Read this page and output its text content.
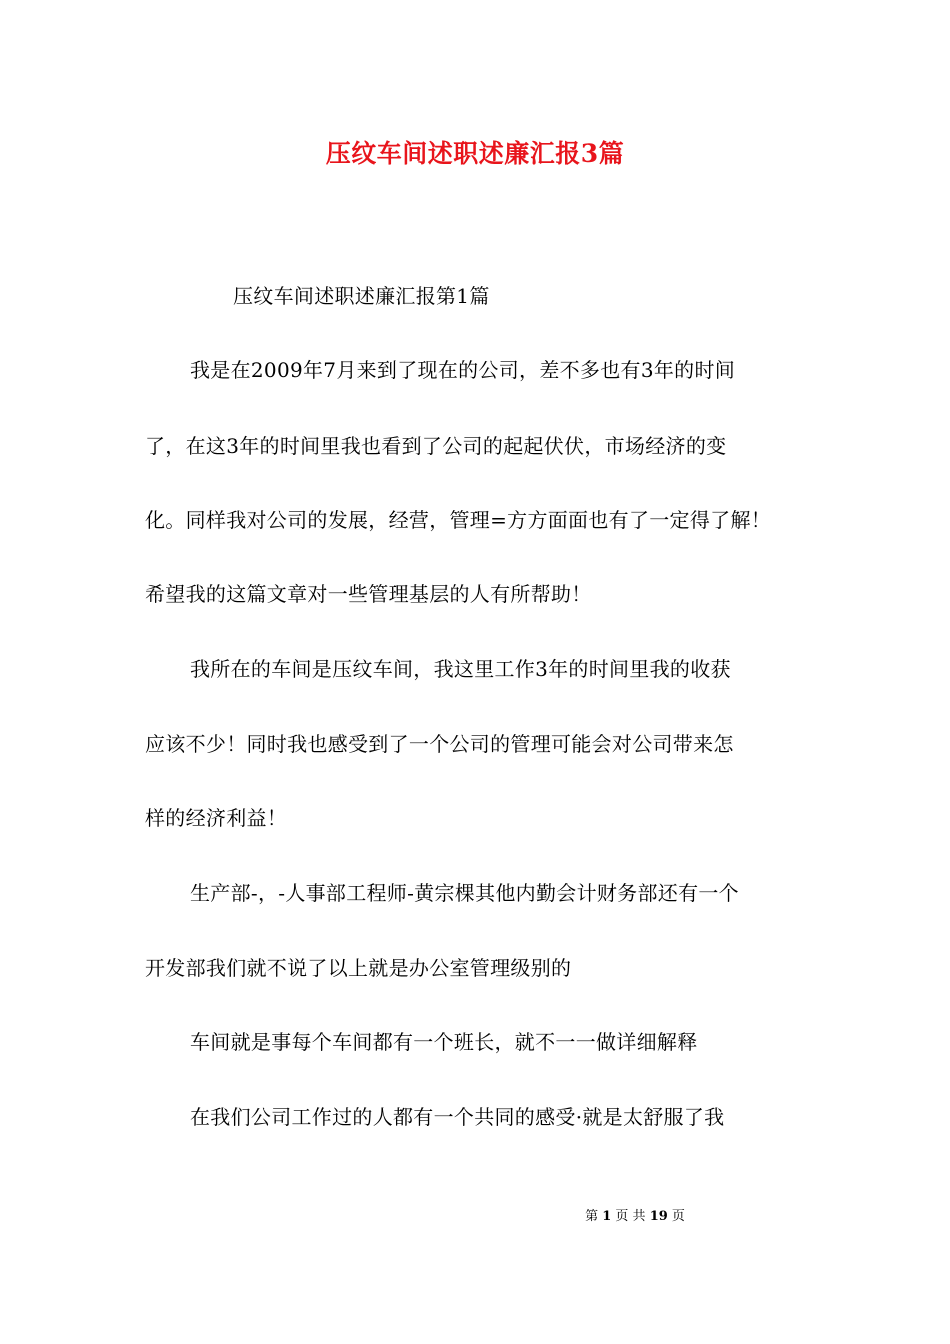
压纹车间述职述廉汇报3篇
压纹车间述职述廉汇报第1篇
我是在2009年7月来到了现在的公司，差不多也有3年的时间
了，在这3年的时间里我也看到了公司的起起伏伏，市场经济的变
化。同样我对公司的发展，经营，管理=方方面面也有了一定得了解！
希望我的这篇文章对一些管理基层的人有所帮助！
我所在的车间是压纹车间，我这里工作3年的时间里我的收获
应该不少！同时我也感受到了一个公司的管理可能会对公司带来怎
样的经济利益！
生产部-，-人事部工程师-黄宗棵其他内勤会计财务部还有一个
开发部我们就不说了以上就是办公室管理级别的
车间就是事每个车间都有一个班长，就不一一做详细解释
在我们公司工作过的人都有一个共同的感受·就是太舒服了我
第 1 页 共 19 页
